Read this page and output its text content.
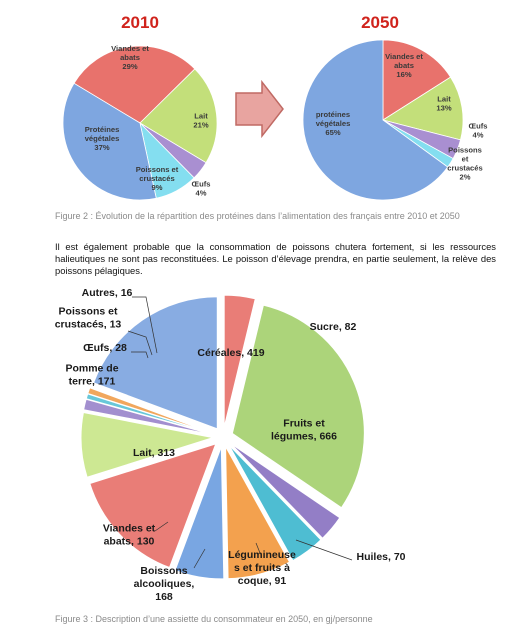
2010	2050
Viandes et abats 29%
Lait 21%
Œufs 4%
Poissons et crustacés 9%
Protéines végétales 37%
Viandes et abats 16%
Lait 13%
Œufs 4%
Poissons et crustacés 2%
protéines végétales 65%
Figure 2 : Évolution de la répartition des protéines dans l’alimentation des français entre 2010 et 2050
Il est également probable que la consommation de poissons chutera fortement, si les ressources halieutiques ne sont pas reconstituées. Le poisson d’élevage prendra, en partie seulement, la relève des poissons pélagiques.
Sucre, 82
Fruits et légumes, 666
Huiles, 70
Légumineuse s et fruits à coque, 91
Boissons alcooliques, 168
Viandes et abats, 130
Lait, 313
Pomme de terre, 171
Œufs, 28
Poissons et crustacés, 13
Autres, 16
Céréales, 419
Figure 3 : Description d’une assiette du consommateur en 2050, en gj/personne
